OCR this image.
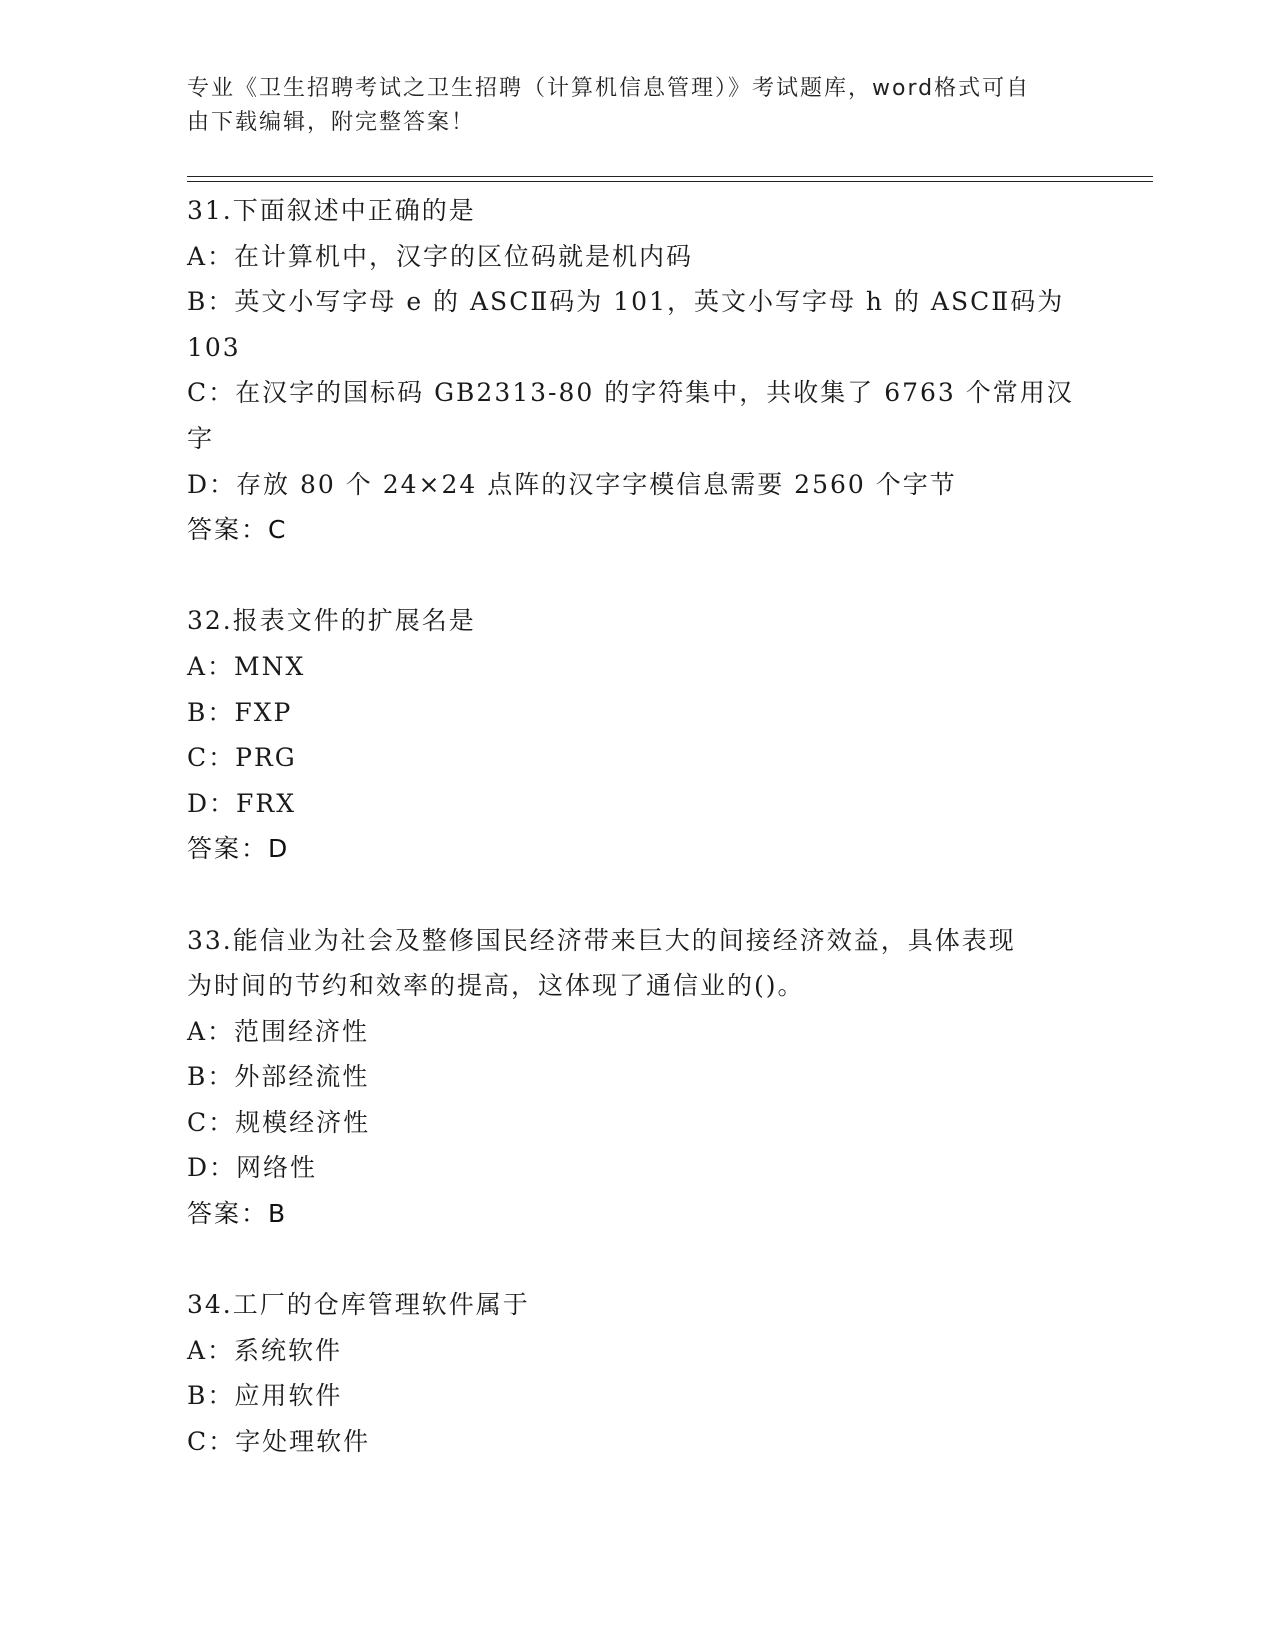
专业《卫生招聘考试之卫生招聘（计算机信息管理）》考试题库，word格式可自
由下载编辑，附完整答案！
31.下面叙述中正确的是
A：在计算机中，汉字的区位码就是机内码
B：英文小写字母 e 的 ASCⅡ码为 101，英文小写字母 h 的 ASCⅡ码为
103
C：在汉字的国标码 GB2313-80 的字符集中，共收集了 6763 个常用汉
字
D：存放 80 个 24×24 点阵的汉字字模信息需要 2560 个字节
答案：C
32.报表文件的扩展名是
A：MNX
B：FXP
C：PRG
D：FRX
答案：D
33.能信业为社会及整修国民经济带来巨大的间接经济效益，具体表现
为时间的节约和效率的提高，这体现了通信业的()。
A：范围经济性
B：外部经流性
C：规模经济性
D：网络性
答案：B
34.工厂的仓库管理软件属于
A：系统软件
B：应用软件
C：字处理软件
